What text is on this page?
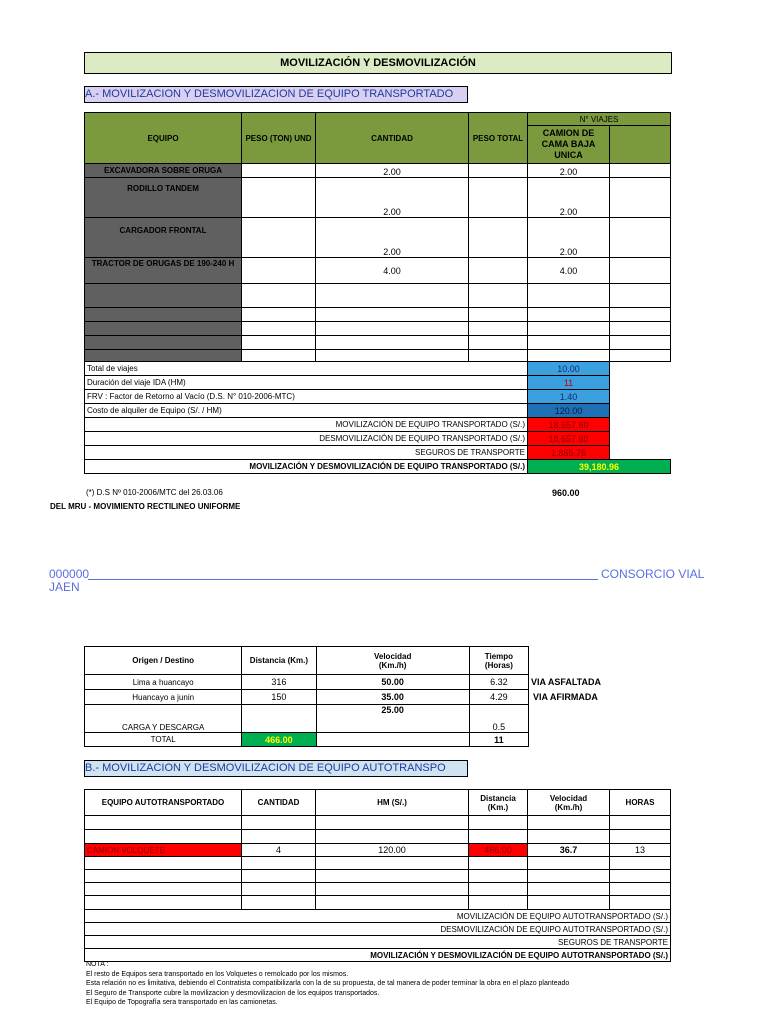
MOVILIZACIÓN Y DESMOVILIZACIÓN
A.- MOVILIZACION Y DESMOVILIZACION DE EQUIPO TRANSPORTADO
EQUIPO	PESO (TON) UND	CANTIDAD	PESO TOTAL	N° VIAJES	
				CAMION DE CAMA BAJA UNICA	
EXCAVADORA SOBRE ORUGA		2.00		2.00	
RODILLO TANDEM		2.00		2.00	
CARGADOR FRONTAL		2.00		2.00	
TRACTOR DE ORUGAS DE 190-240 H		4.00		4.00	

Total de viajes				10.00	
Duración del viaje IDA (HM)				11	
FRV : Factor de Retorno al Vacío (D.S. N° 010-2006-MTC)				1.40	
Costo de alquiler de Equipo (S/. / HM)				120.00	
MOVILIZACIÓN DE EQUIPO TRANSPORTADO (S/.)				18,657.60	
DESMOVILIZACIÓN DE EQUIPO TRANSPORTADO (S/.)				18,657.60	
SEGUROS DE TRANSPORTE				1,865.76	
MOVILIZACIÓN Y DESMOVILIZACIÓN DE EQUIPO TRANSPORTADO (S/.)				39,180.96	
(*) D.S Nº 010-2006/MTC del 26.03.06	960.00
DEL MRU - MOVIMIENTO RECTILINEO UNIFORME
000000	CONSORCIO VIAL
JAEN
Origen / Destino	Distancia (Km.)	Velocidad (Km./h)	Tiempo (Horas)
Lima a huancayo	316	50.00	6.32
Huancayo a junin	150	35.00	4.29
CARGA Y DESCARGA		25.00	0.5
TOTAL	466.00		11
VIA ASFALTADA
VIA AFIRMADA
B.- MOVILIZACION Y DESMOVILIZACION DE EQUIPO AUTOTRANSPO
EQUIPO AUTOTRANSPORTADO	CANTIDAD	HM (S/.)	Distancia (Km.)	Velocidad (Km./h)	HORAS

CAMION VOLQUETE	4	120.00	466.00	36.7	13

MOVILIZACIÓN DE EQUIPO AUTOTRANSPORTADO (S/.)					
DESMOVILIZACIÓN DE EQUIPO AUTOTRANSPORTADO (S/.)					
SEGUROS DE TRANSPORTE					
MOVILIZACIÓN Y DESMOVILIZACIÓN DE EQUIPO AUTOTRANSPORTADO (S/.)					
NOTA :
El resto de Equipos sera transportado en los Volquetes o remolcado por los mismos.
Esta relación no es limitativa, debiendo el Contratista compatibilizarla con la de su propuesta, de tal manera de poder terminar la obra en el plazo planteado
El Seguro de Transporte cubre la movilizacion y desmovilizacion de los equipos transportados.
El Equipo de Topografía sera transportado en las camionetas.
